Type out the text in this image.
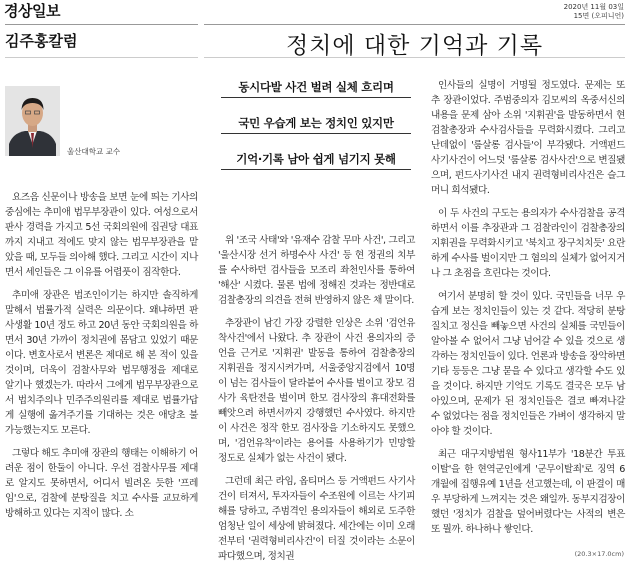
경상일보	2020년 11월 03일
15면 (오피니언)
김주홍칼럼	정치에 대한 기억과 기록
울산대학교 교수
동시다발 사건 벌려 실체 흐리며
국민 우습게 보는 정치인 있지만
기억·기록 남아 쉽게 넘기지 못해

요즈음 신문이나 방송을 보면 눈에 띄는 기사의 중심에는 추미애 법무부장관이 있다. 여성으로서 판사 경력을 가지고 5선 국회의원에 집권당 대표까지 지내고 적에도 맞지 않는 법무부장관을 맡았을 때, 모두들 의아해 했다. 그리고 시간이 지나면서 세인들은 그 이유를 어렵풋이 짐작한다.

추미애 장관은 법조인이기는 하지만 솔직하게 말해서 법률가적 실력은 의문이다. 왜냐하면 판사생활 10년 정도 하고 20년 동안 국회의원을 하면서 30년 가까이 정치권에 몸담고 있었기 때문이다. 변호사로서 변론은 제대로 해 본 적이 있을 것이며, 더욱이 검찰사무와 법무행정을 제대로 알기나 했겠는가. 따라서 그에게 법무부장관으로서 법치주의나 민주주의원리를 제대로 법률가답게 실행에 옮겨주기를 기대하는 것은 애당초 불가능했는지도 모른다.

그렇다 해도 추미애 장관의 행태는 이해하기 어려운 점이 한둘이 아니다. 우선 검찰사무를 제대로 알지도 못하면서, 어디서 빌려온 듯한 '프레임'으로, 검찰에 분탕질을 치고 수사를 교묘하게 방해하고 있다는 지적이 많다. 소

위 '조국 사태'와 '유재수 감찰 무마 사건', 그리고 '울산시장 선거 하명수사 사건' 등 현 정권의 치부를 수사하던 검사들을 모조리 좌천인사를 통하여 '해산' 시켰다. 물론 법에 정해진 것과는 정반대로 검찰총장의 의견을 전혀 반영하지 않은 채 말이다.

추장관이 남긴 가장 강렬한 인상은 소위 '검언유착사건'에서 나왔다. 추 장관이 사건 용의자의 증언을 근거로 '지휘권' 발동을 통하여 검찰총장의 지휘권을 정지시켜가며, 서울중앙지검에서 10명이 넘는 검사들이 달라붙어 수사를 벌이고 장모 검사가 육탄전을 벌이며 한모 검사장의 휴대전화를 빼앗으려 하면서까지 강행했던 수사였다. 하지만 이 사건은 정작 한모 검사장을 기소하지도 못했으며, '검언유착'이라는 용어를 사용하기가 민망할 정도로 실체가 없는 사건이 됐다.

그런데 최근 라임, 옵티머스 등 거액펀드 사기사건이 터져서, 투자자들이 수조원에 이르는 사기피해를 당하고, 주범격인 용의자들이 해외로 도주한 엄청난 일이 세상에 밝혀졌다. 세간에는 이미 오래전부터 '권력형비리사건'이 터질 것이라는 소문이 파다했으며, 정치권

인사들의 실명이 거명될 정도였다. 문제는 또 추 장관이었다. 주범중의자 김모씨의 옥중서신의 내용을 문제 삼아 소위 '지휘권'을 발동하면서 현 검찰총장과 수사검사들을 무력화시켰다. 그리고 난데없이 '룸살롱 검사들'이 부각됐다. 거액펀드 사기사건이 어느덧 '룸살롱 검사사건'으로 변질됐으며, 펀드사기사건 내지 권력형비리사건은 슬그머니 희석됐다.

이 두 사건의 구도는 용의자가 수사검찰을 공격하면서 이를 추장관과 그 검찰라인이 검찰총장의 지휘권을 무력화시키고 '북치고 장구치치듯' 요란하게 수사를 벌이지만 그 혐의의 실체가 없어지거나 그 초점을 흐린다는 것이다.

여기서 분명히 할 것이 있다. 국민들을 너무 우습게 보는 정치인들이 있는 것 같다. 적당히 분탕질치고 정신을 빼놓으면 사건의 실체를 국민들이 알아볼 수 없어서 그냥 넘어갈 수 있을 것으로 생각하는 정치인들이 있다. 언론과 방송을 장악하면 기타 등등은 그냥 묻을 수 있다고 생각할 수도 있을 것이다. 하지만 기억도 기록도 결국은 모두 남아있으며, 문제가 된 정치인들은 결코 빠져나갈 수 없었다는 점을 정치인들은 가벼이 생각하지 말아야 할 것이다.

최근 대구지방법원 형사11부가 '18분간 투표 이탈'을 한 현역군인에게 '군무이탈죄'로 징역 6개월에 집행유예 1년을 선고했는데, 이 판결이 매우 부당하게 느껴지는 것은 왜일까. 동부지검장이 했던 '정치가 검찰을 덮어버렸다'는 사적의 변은 또 뭘까. 하나하나 쌓인다.

(20.3×17.0cm)
